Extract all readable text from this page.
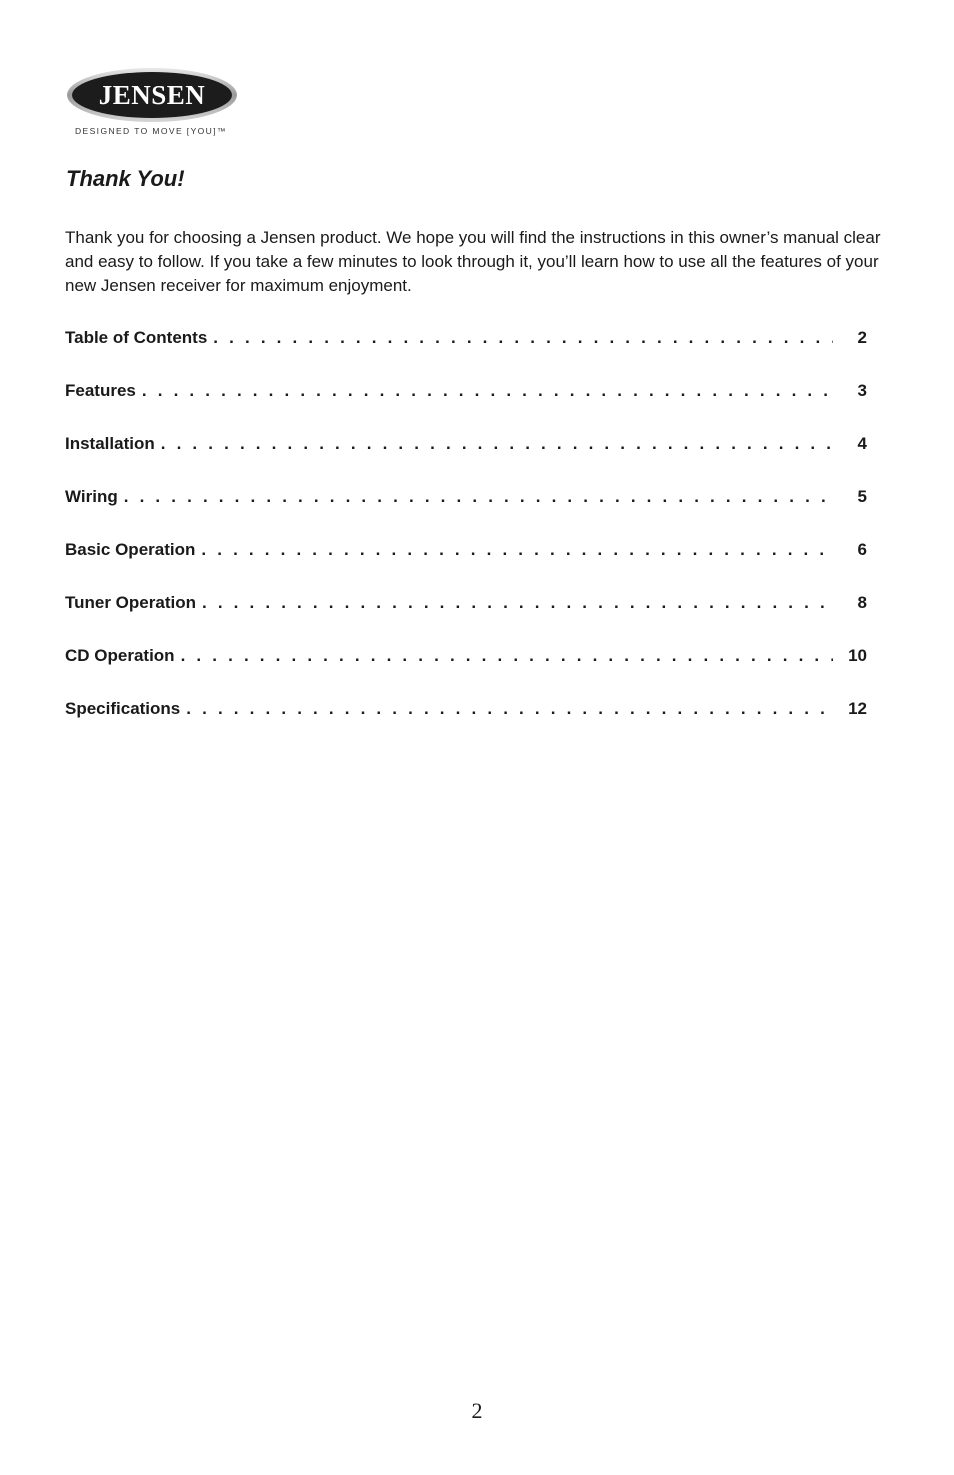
JENSEN
DESIGNED TO MOVE [YOU]™
Thank You!

Thank you for choosing a Jensen product. We hope you will find the instructions in this owner’s manual clear and easy to follow. If you take a few minutes to look through it, you’ll learn how to use all the features of your new Jensen receiver for maximum enjoyment.

Table of Contents . . .	2
Features . . .	3
Installation . . .	4
Wiring . . .	5
Basic Operation . . .	6
Tuner Operation . . .	8
CD Operation . . .	10
Specifications . . .	12
2
